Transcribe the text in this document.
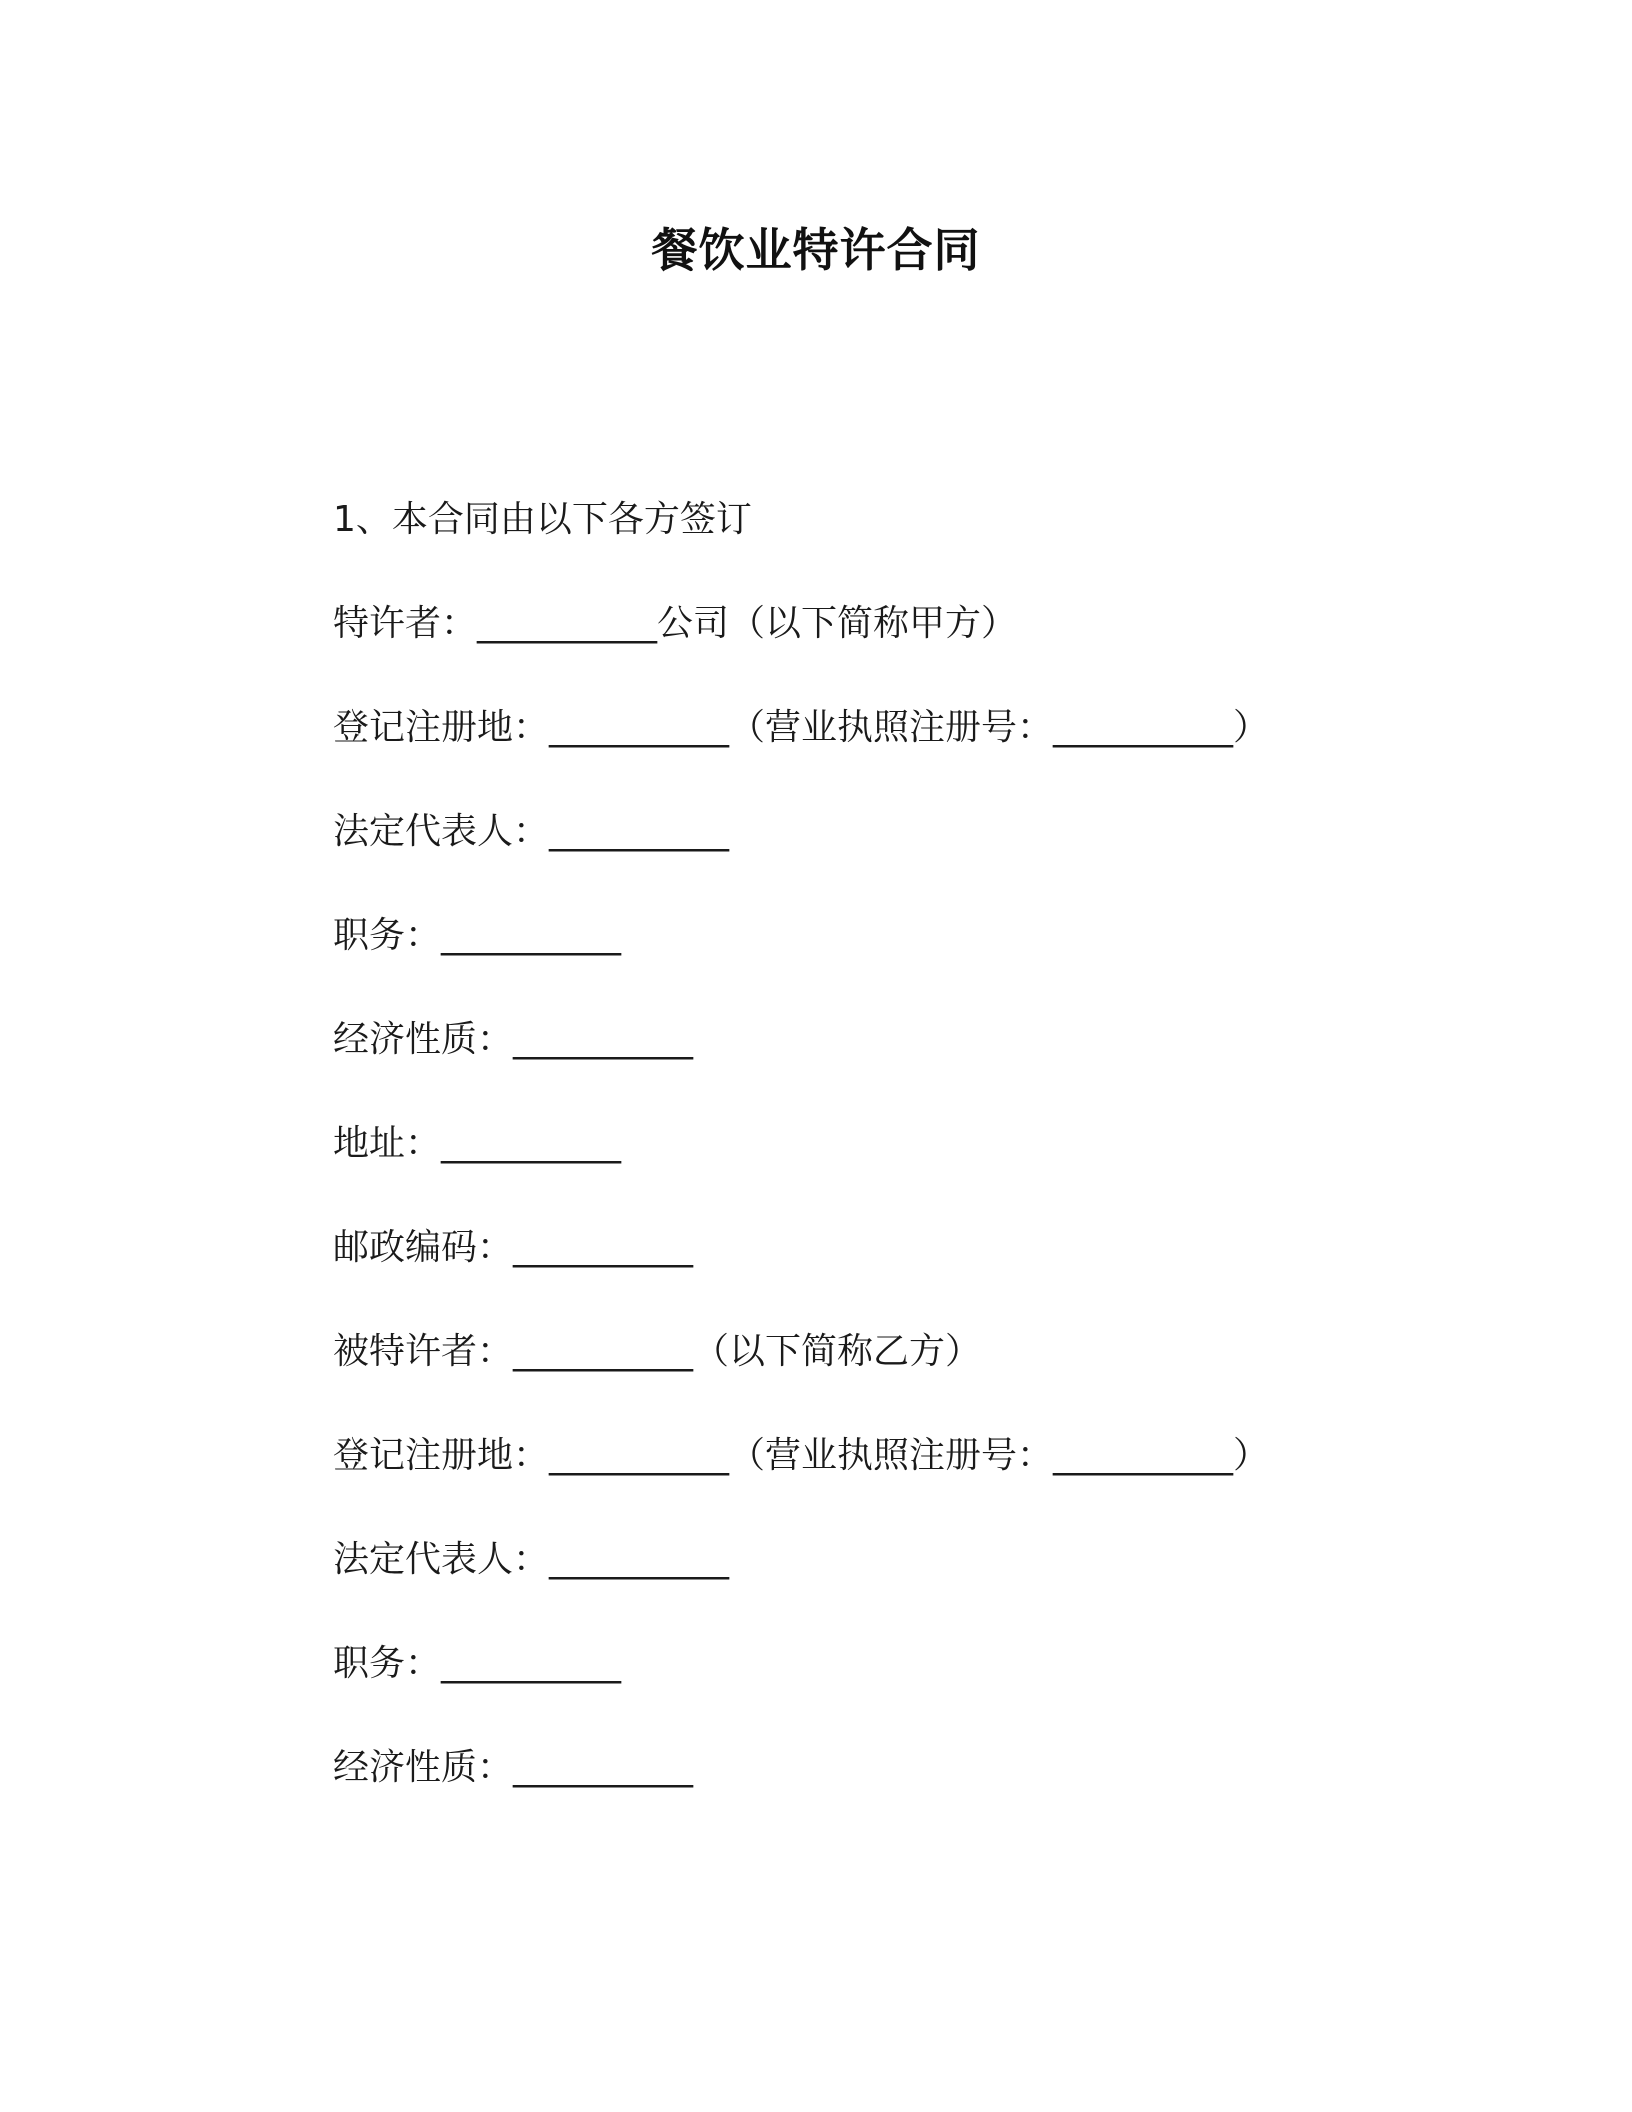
餐饮业特许合同
1、本合同由以下各方签订
特许者：__________公司（以下简称甲方）
登记注册地：__________（营业执照注册号：__________）
法定代表人：__________
职务：__________
经济性质：__________
地址：__________
邮政编码：__________
被特许者：__________（以下简称乙方）
登记注册地：__________（营业执照注册号：__________）
法定代表人：__________
职务：__________
经济性质：__________
